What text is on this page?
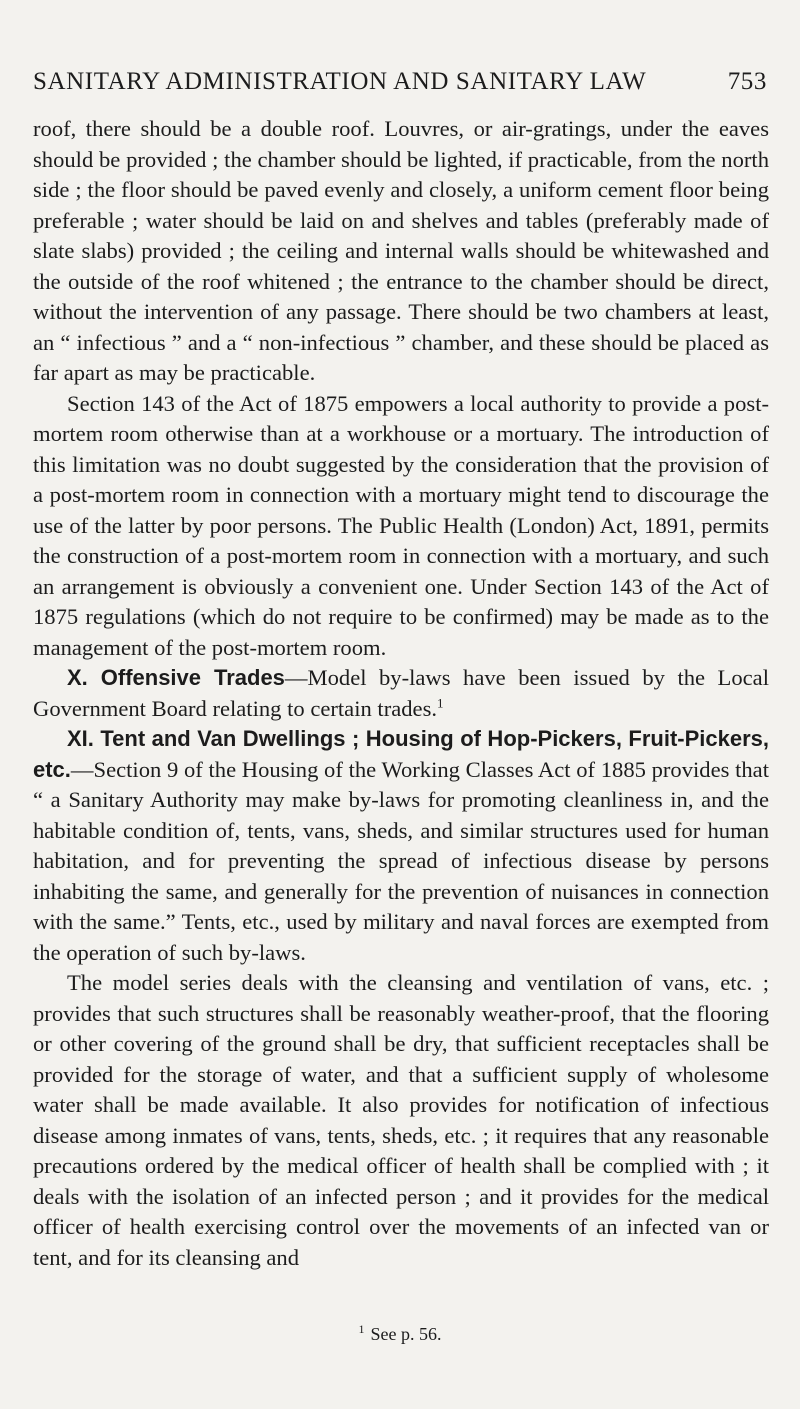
SANITARY ADMINISTRATION AND SANITARY LAW	753

roof, there should be a double roof. Louvres, or air-gratings, under the eaves should be provided ; the chamber should be lighted, if practicable, from the north side ; the floor should be paved evenly and closely, a uniform cement floor being preferable ; water should be laid on and shelves and tables (preferably made of slate slabs) provided ; the ceiling and internal walls should be whitewashed and the outside of the roof whitened ; the entrance to the chamber should be direct, without the intervention of any passage. There should be two chambers at least, an “ infectious ” and a “ non-infectious ” chamber, and these should be placed as far apart as may be practicable.

Section 143 of the Act of 1875 empowers a local authority to provide a post-mortem room otherwise than at a workhouse or a mortuary. The introduction of this limitation was no doubt suggested by the consideration that the provision of a post-mortem room in connection with a mortuary might tend to discourage the use of the latter by poor persons. The Public Health (London) Act, 1891, permits the construction of a post-mortem room in connection with a mortuary, and such an arrangement is obviously a convenient one. Under Section 143 of the Act of 1875 regulations (which do not require to be confirmed) may be made as to the management of the post-mortem room.

X. Offensive Trades—Model by-laws have been issued by the Local Government Board relating to certain trades.$^1$

XI. Tent and Van Dwellings ; Housing of Hop-Pickers, Fruit-Pickers, etc.—Section 9 of the Housing of the Working Classes Act of 1885 provides that “ a Sanitary Authority may make by-laws for promoting cleanliness in, and the habitable condition of, tents, vans, sheds, and similar structures used for human habitation, and for preventing the spread of infectious disease by persons inhabiting the same, and generally for the prevention of nuisances in connection with the same.” Tents, etc., used by military and naval forces are exempted from the operation of such by-laws.

The model series deals with the cleansing and ventilation of vans, etc. ; provides that such structures shall be reasonably weather-proof, that the flooring or other covering of the ground shall be dry, that sufficient receptacles shall be provided for the storage of water, and that a sufficient supply of wholesome water shall be made available. It also provides for notification of infectious disease among inmates of vans, tents, sheds, etc. ; it requires that any reasonable precautions ordered by the medical officer of health shall be complied with ; it deals with the isolation of an infected person ; and it provides for the medical officer of health exercising control over the movements of an infected van or tent, and for its cleansing and

$^1$ See p. 56.
